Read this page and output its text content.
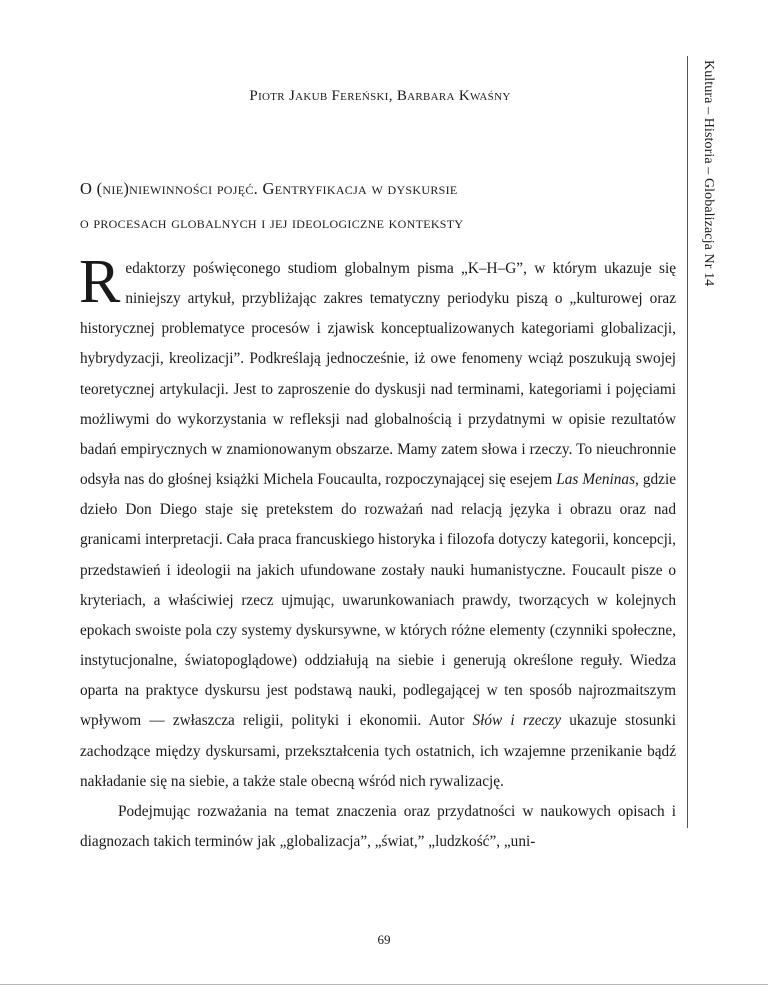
Piotr Jakub Fereński, Barbara Kwaśny
O (nie)niewinności pojęć. Gentryfikacja w dyskursie
o procesach globalnych i jej ideologiczne konteksty

Redaktorzy poświęconego studiom globalnym pisma „K–H–G”, w którym ukazuje się niniejszy artykuł, przybliżając zakres tematyczny periodyku piszą o „kulturowej oraz historycznej problematyce procesów i zjawisk konceptualizowanych kategoriami globalizacji, hybrydyzacji, kreolizacji”. Podkreślają jednocześnie, iż owe fenomeny wciąż poszukują swojej teoretycznej artykulacji. Jest to zaproszenie do dyskusji nad terminami, kategoriami i pojęciami możliwymi do wykorzystania w refleksji nad globalnością i przydatnymi w opisie rezultatów badań empirycznych w znamionowanym obszarze. Mamy zatem słowa i rzeczy. To nieuchronnie odsyła nas do głośnej książki Michela Foucaulta, rozpoczynającej się esejem Las Meninas, gdzie dzieło Don Diego staje się pretekstem do rozważań nad relacją języka i obrazu oraz nad granicami interpretacji. Cała praca francuskiego historyka i filozofa dotyczy kategorii, koncepcji, przedstawień i ideologii na jakich ufundowane zostały nauki humanistyczne. Foucault pisze o kryteriach, a właściwiej rzecz ujmując, uwarunkowaniach prawdy, tworzących w kolejnych epokach swoiste pola czy systemy dyskursywne, w których różne elementy (czynniki społeczne, instytucjonalne, światopoglądowe) oddziałują na siebie i generują określone reguły. Wiedza oparta na praktyce dyskursu jest podstawą nauki, podlegającej w ten sposób najrozmaitszym wpływom — zwłaszcza religii, polityki i ekonomii. Autor Słów i rzeczy ukazuje stosunki zachodzące między dyskursami, przekształcenia tych ostatnich, ich wzajemne przenikanie bądź nakładanie się na siebie, a także stale obecną wśród nich rywalizację.

Podejmując rozważania na temat znaczenia oraz przydatności w naukowych opisach i diagnozach takich terminów jak „globalizacja”, „świat,” „ludzkość”, „uni-

Kultura – Historia – Globalizacja Nr 14
69
